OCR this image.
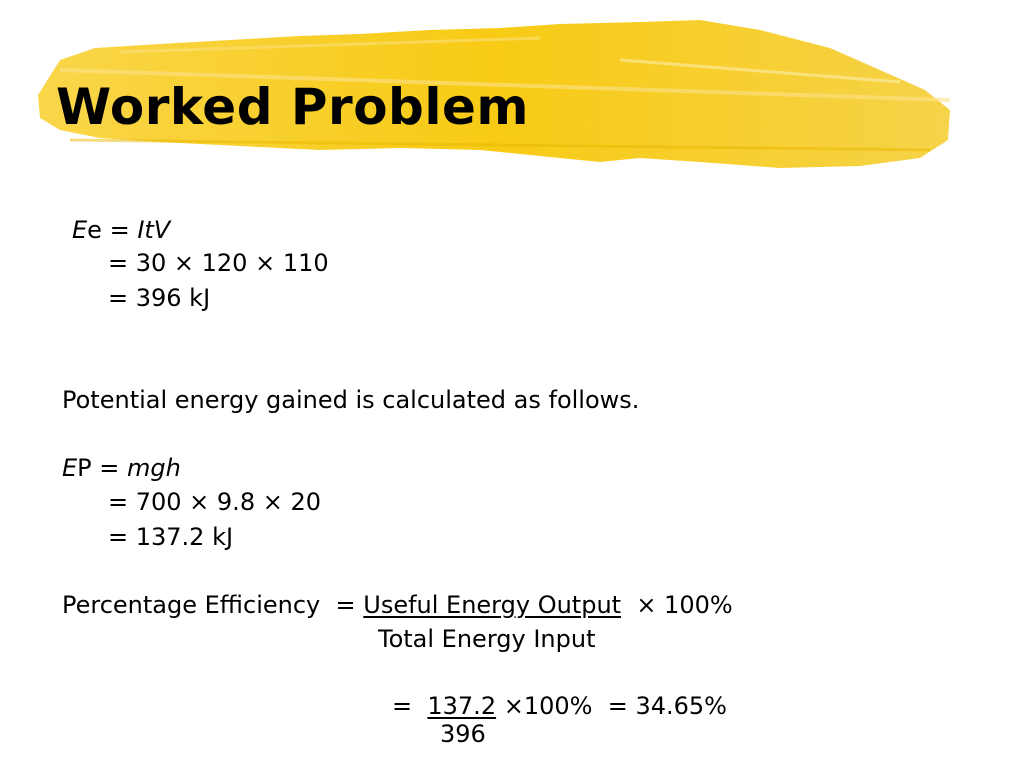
Worked Problem
Ee = ItV
= 30 × 120 × 110
= 396 kJ
Potential energy gained is calculated as follows.
EP = mgh
= 700 × 9.8 × 20
= 137.2 kJ
Percentage Efficiency  = Useful Energy Output  × 100%
Total Energy Input
=  137.2 ×100%  = 34.65%
396
